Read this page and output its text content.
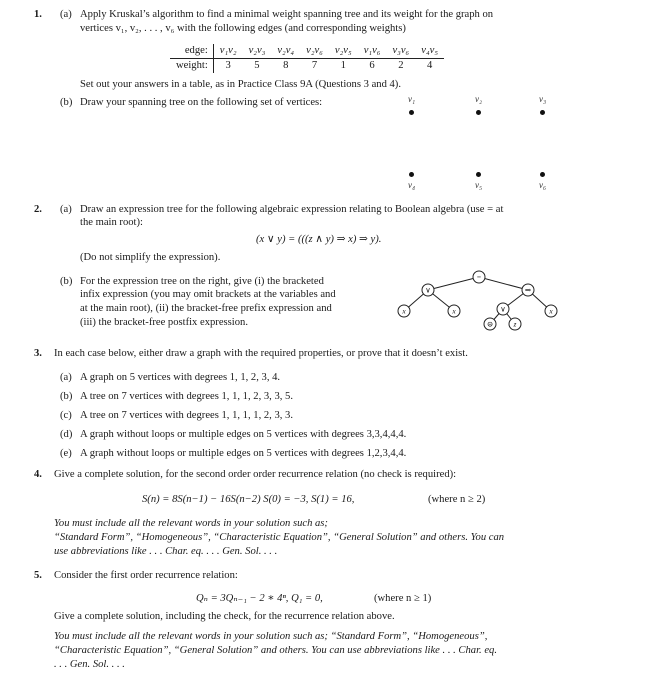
1. (a) Apply Kruskal’s algorithm to find a minimal weight spanning tree and its weight for the graph on
vertices v₁, v₂, . . . , v₆ with the following edges (and corresponding weights)
edge:	v₁v₂	v₂v₃	v₂v₄	v₂v₆	v₂v₅	v₁v₆	v₃v₆	v₄v₅
weight:	3	5	8	7	1	6	2	4
Set out your answers in a table, as in Practice Class 9A (Questions 3 and 4).
(b) Draw your spanning tree on the following set of vertices:	v₁	v₂	v₃
v₄	v₅	v₆
2. (a) Draw an expression tree for the following algebraic expression relating to Boolean algebra (use = at
the main root):
(x ∨ y) = (((z ∧ y) ⇒ x) ⇒ y).
(Do not simplify the expression).
(b) For the expression tree on the right, give (i) the bracketed
infix expression (you may omit brackets at the variables and
at the main root), (ii) the bracket-free prefix expression and
(iii) the bracket-free postfix expression.
=
∨	⇒
x	x	∨	x
⊝	z
3. In each case below, either draw a graph with the required properties, or prove that it doesn’t exist.
(a) A graph on 5 vertices with degrees 1, 1, 2, 3, 4.
(b) A tree on 7 vertices with degrees 1, 1, 1, 2, 3, 3, 5.
(c) A tree on 7 vertices with degrees 1, 1, 1, 1, 2, 3, 3.
(d) A graph without loops or multiple edges on 5 vertices with degrees 3,3,4,4,4.
(e) A graph without loops or multiple edges on 5 vertices with degrees 1,2,3,4,4.
4. Give a complete solution, for the second order order recurrence relation (no check is required):
S(n) = 8S(n−1) − 16S(n−2) S(0) = −3, S(1) = 16,	(where n ≥ 2)
You must include all the relevant words in your solution such as;
“Standard Form”, “Homogeneous”, “Characteristic Equation”, “General Solution” and others. You can
use abbreviations like . . . Char. eq. . . . Gen. Sol. . . .
5. Consider the first order recurrence relation:
Qₙ = 3Qₙ₋₁ − 2 ∗ 4ⁿ, Q₁ = 0,	(where n ≥ 1)
Give a complete solution, including the check, for the recurrence relation above.
You must include all the relevant words in your solution such as; “Standard Form”, “Homogeneous”,
“Characteristic Equation”, “General Solution” and others. You can use abbreviations like . . . Char. eq.
. . . Gen. Sol. . . .
